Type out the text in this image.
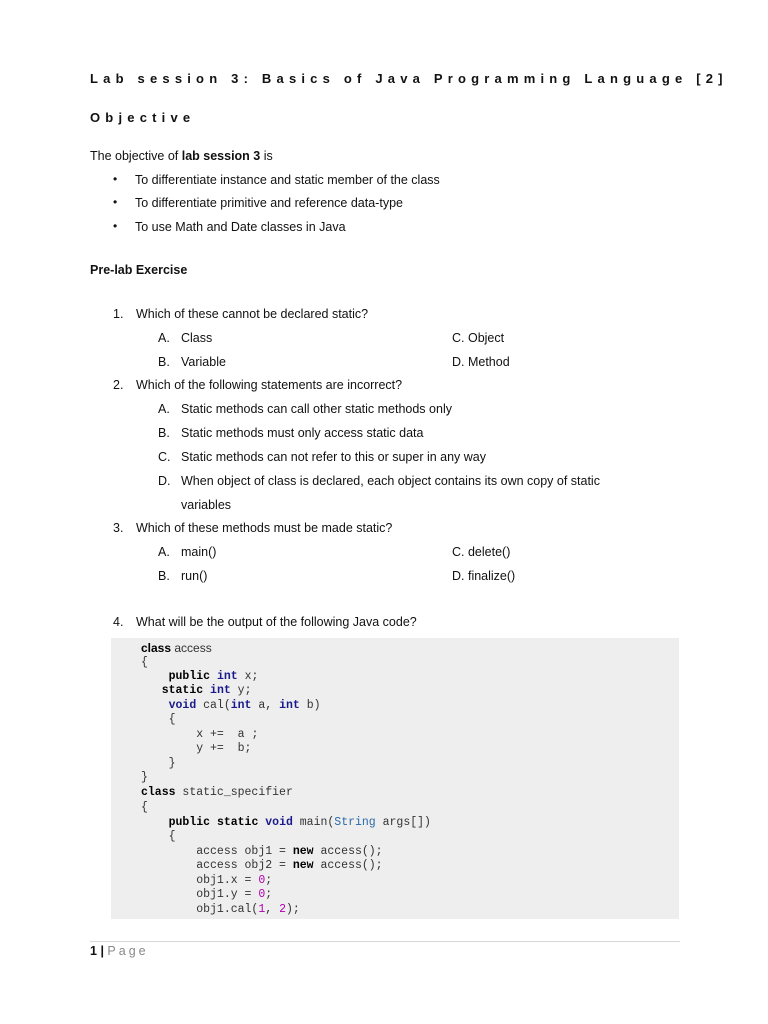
Lab session 3: Basics of Java Programming Language [2]
Objective
The objective of lab session 3 is
• To differentiate instance and static member of the class
• To differentiate primitive and reference data-type
• To use Math and Date classes in Java
Pre-lab Exercise
1. Which of these cannot be declared static?
A. Class	C. Object
B. Variable	D. Method
2. Which of the following statements are incorrect?
A. Static methods can call other static methods only
B. Static methods must only access static data
C. Static methods can not refer to this or super in any way
D. When object of class is declared, each object contains its own copy of static
variables
3. Which of these methods must be made static?
A. main()	C. delete()
B. run()	D. finalize()
4. What will be the output of the following Java code?
class access
{
public int x;
static int y;
void cal(int a, int b)
{
x +=  a ;
y +=  b;
}
}
class static_specifier
{
public static void main(String args[])
{
access obj1 = new access();
access obj2 = new access();
obj1.x = 0;
obj1.y = 0;
obj1.cal(1, 2);
1 | Page
